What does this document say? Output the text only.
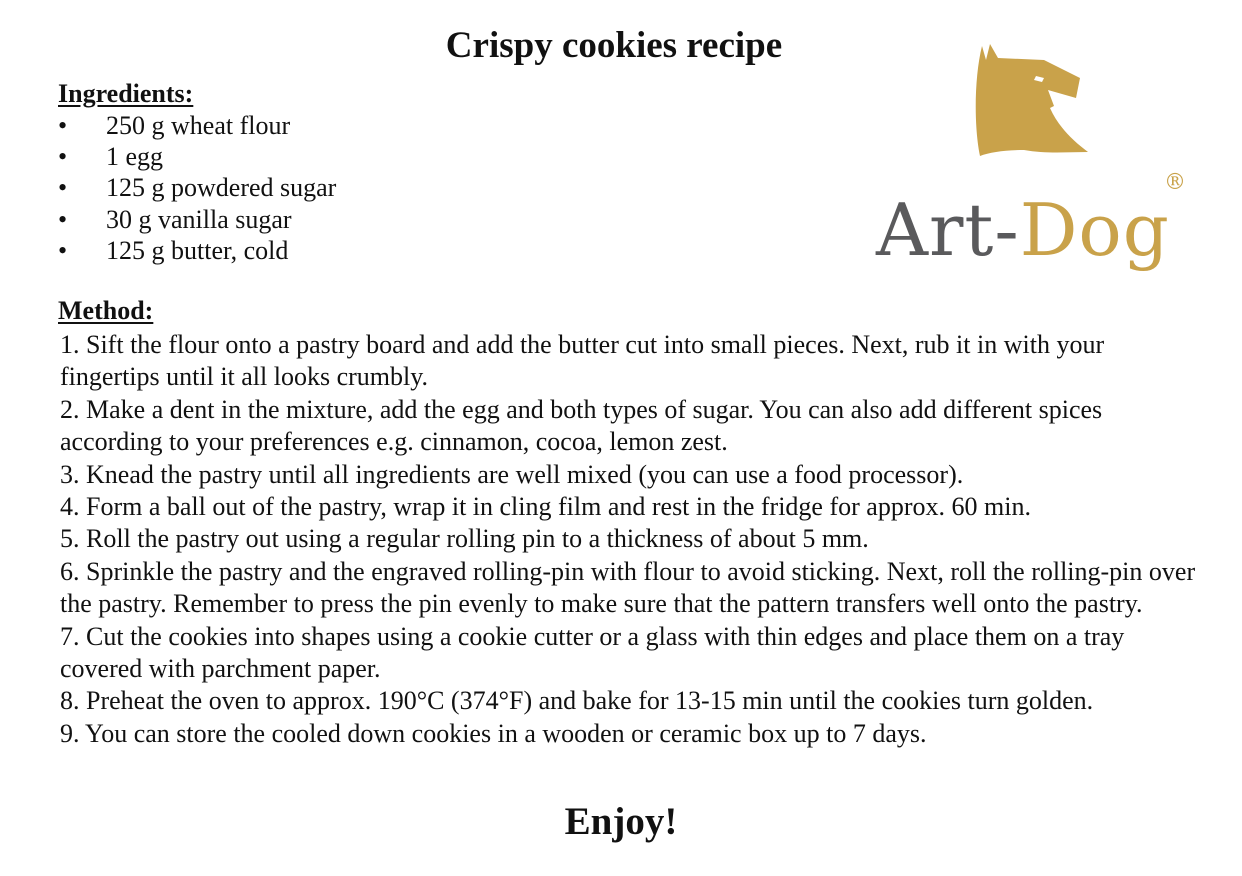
Crispy cookies recipe
Art-Dog
®
Ingredients:
• 250 g wheat flour
• 1 egg
• 125 g powdered sugar
• 30 g vanilla sugar
• 125 g butter, cold
Method:
1. Sift the flour onto a pastry board and add the butter cut into small pieces. Next, rub it in with your fingertips until it all looks crumbly.
2. Make a dent in the mixture, add the egg and both types of sugar. You can also add different spices according to your preferences e.g. cinnamon, cocoa, lemon zest.
3. Knead the pastry until all ingredients are well mixed (you can use a food processor).
4. Form a ball out of the pastry, wrap it in cling film and rest in the fridge for approx. 60 min.
5. Roll the pastry out using a regular rolling pin to a thickness of about 5 mm.
6. Sprinkle the pastry and the engraved rolling-pin with flour to avoid sticking. Next, roll the rolling-pin over the pastry. Remember to press the pin evenly to make sure that the pattern transfers well onto the pastry.
7. Cut the cookies into shapes using a cookie cutter or a glass with thin edges and place them on a tray covered with parchment paper.
8. Preheat the oven to approx. 190°C (374°F) and bake for 13-15 min until the cookies turn golden.
9. You can store the cooled down cookies in a wooden or ceramic box up to 7 days.

Enjoy!
